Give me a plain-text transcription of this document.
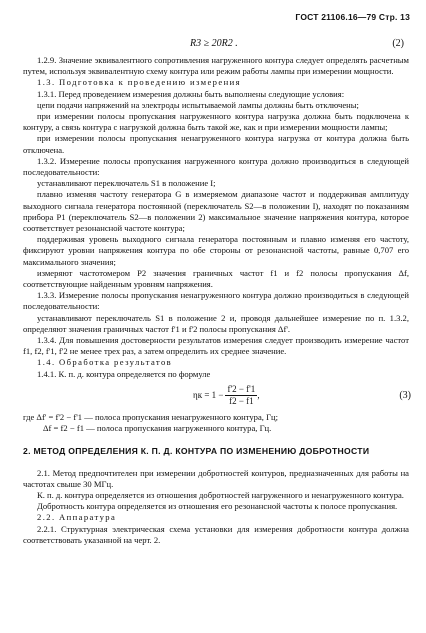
ГОСТ 21106.16—79 Стр. 13
R3 ≥ 20R2 .	(2)

1.2.9. Значение эквивалентного сопротивления нагруженного контура следует определять расчетным путем, используя эквивалентную схему контура или режим работы лампы при измерении мощности.

1.3. Подготовка к проведению измерения

1.3.1. Перед проведением измерения должны быть выполнены следующие условия:

цепи подачи напряжений на электроды испытываемой лампы должны быть отключены;

при измерении полосы пропускания нагруженного контура нагрузка должна быть подключена к контуру, а связь контура с нагрузкой должна быть такой же, как и при измерении мощности лампы;

при измерении полосы пропускания ненагруженного контура нагрузка от контура должна быть отключена.

1.3.2. Измерение полосы пропускания нагруженного контура должно производиться в следующей последовательности:

устанавливают переключатель S1 в положение I;

плавно изменяя частоту генератора G в измеряемом диапазоне частот и поддерживая амплитуду выходного сигнала генератора постоянной (переключатель S2—в положении I), находят по показаниям прибора P1 (переключатель S2—в положении 2) максимальное значение напряжения контура, которое соответствует резонансной частоте контура;

поддерживая уровень выходного сигнала генератора постоянным и плавно изменяя его частоту, фиксируют уровни напряжения контура по обе стороны от резонансной частоты, равные 0,707 его максимального значения;

измеряют частотомером P2 значения граничных частот f1 и f2 полосы пропускания Δf, соответствующие найденным уровням напряжения.

1.3.3. Измерение полосы пропускания ненагруженного контура должно производиться в следующей последовательности:

устанавливают переключатель S1 в положение 2 и, проводя дальнейшее измерение по п. 1.3.2, определяют значения граничных частот f'1 и f'2 полосы пропускания Δf'.

1.3.4. Для повышения достоверности результатов измерения следует производить измерение частот f1, f2, f'1, f'2 не менее трех раз, а затем определить их среднее значение.

1.4. Обработка результатов

1.4.1. К. п. д. контура определяется по формуле

$\eta к = 1 - \frac{f'2 - f'1}{f2 - f1}$ ,	(3)

где Δf' = f'2 − f'1 — полоса пропускания ненагруженного контура, Гц;

Δf = f2 − f1 — полоса пропускания нагруженного контура, Гц.

2. МЕТОД ОПРЕДЕЛЕНИЯ К. П. Д. КОНТУРА ПО ИЗМЕНЕНИЮ ДОБРОТНОСТИ

2.1. Метод предпочтителен при измерении добротностей контуров, предназначенных для работы на частотах свыше 30 МГц.

К. п. д. контура определяется из отношения добротностей нагруженного и ненагруженного контура.

Добротность контура определяется из отношения его резонансной частоты к полосе пропускания.

2.2. Аппаратура

2.2.1. Структурная электрическая схема установки для измерения добротности контура должна соответствовать указанной на черт. 2.
